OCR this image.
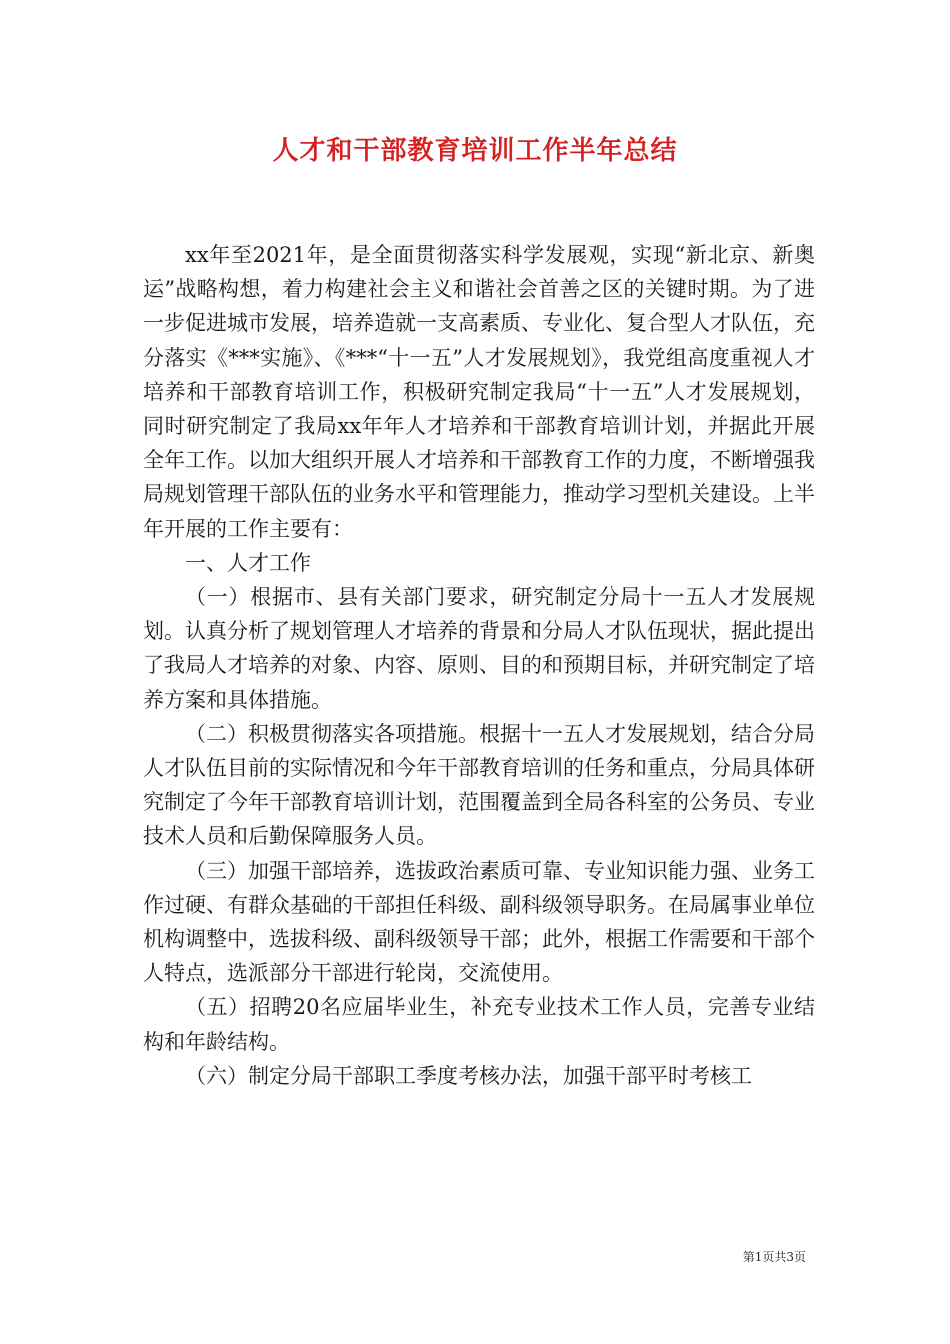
人才和干部教育培训工作半年总结

xx年至2021年，是全面贯彻落实科学发展观，实现“新北京、新奥运”战略构想，着力构建社会主义和谐社会首善之区的关键时期。为了进一步促进城市发展，培养造就一支高素质、专业化、复合型人才队伍，充分落实《***实施》、《***“十一五”人才发展规划》，我党组高度重视人才培养和干部教育培训工作，积极研究制定我局“十一五”人才发展规划，同时研究制定了我局xx年年人才培养和干部教育培训计划，并据此开展全年工作。以加大组织开展人才培养和干部教育工作的力度，不断增强我局规划管理干部队伍的业务水平和管理能力，推动学习型机关建设。上半年开展的工作主要有：

一、人才工作

（一）根据市、县有关部门要求，研究制定分局十一五人才发展规划。认真分析了规划管理人才培养的背景和分局人才队伍现状，据此提出了我局人才培养的对象、内容、原则、目的和预期目标，并研究制定了培养方案和具体措施。

（二）积极贯彻落实各项措施。根据十一五人才发展规划，结合分局人才队伍目前的实际情况和今年干部教育培训的任务和重点，分局具体研究制定了今年干部教育培训计划，范围覆盖到全局各科室的公务员、专业技术人员和后勤保障服务人员。

（三）加强干部培养，选拔政治素质可靠、专业知识能力强、业务工作过硬、有群众基础的干部担任科级、副科级领导职务。在局属事业单位机构调整中，选拔科级、副科级领导干部；此外，根据工作需要和干部个人特点，选派部分干部进行轮岗，交流使用。

（五）招聘20名应届毕业生，补充专业技术工作人员，完善专业结构和年龄结构。

（六）制定分局干部职工季度考核办法，加强干部平时考核工

第1页共3页
